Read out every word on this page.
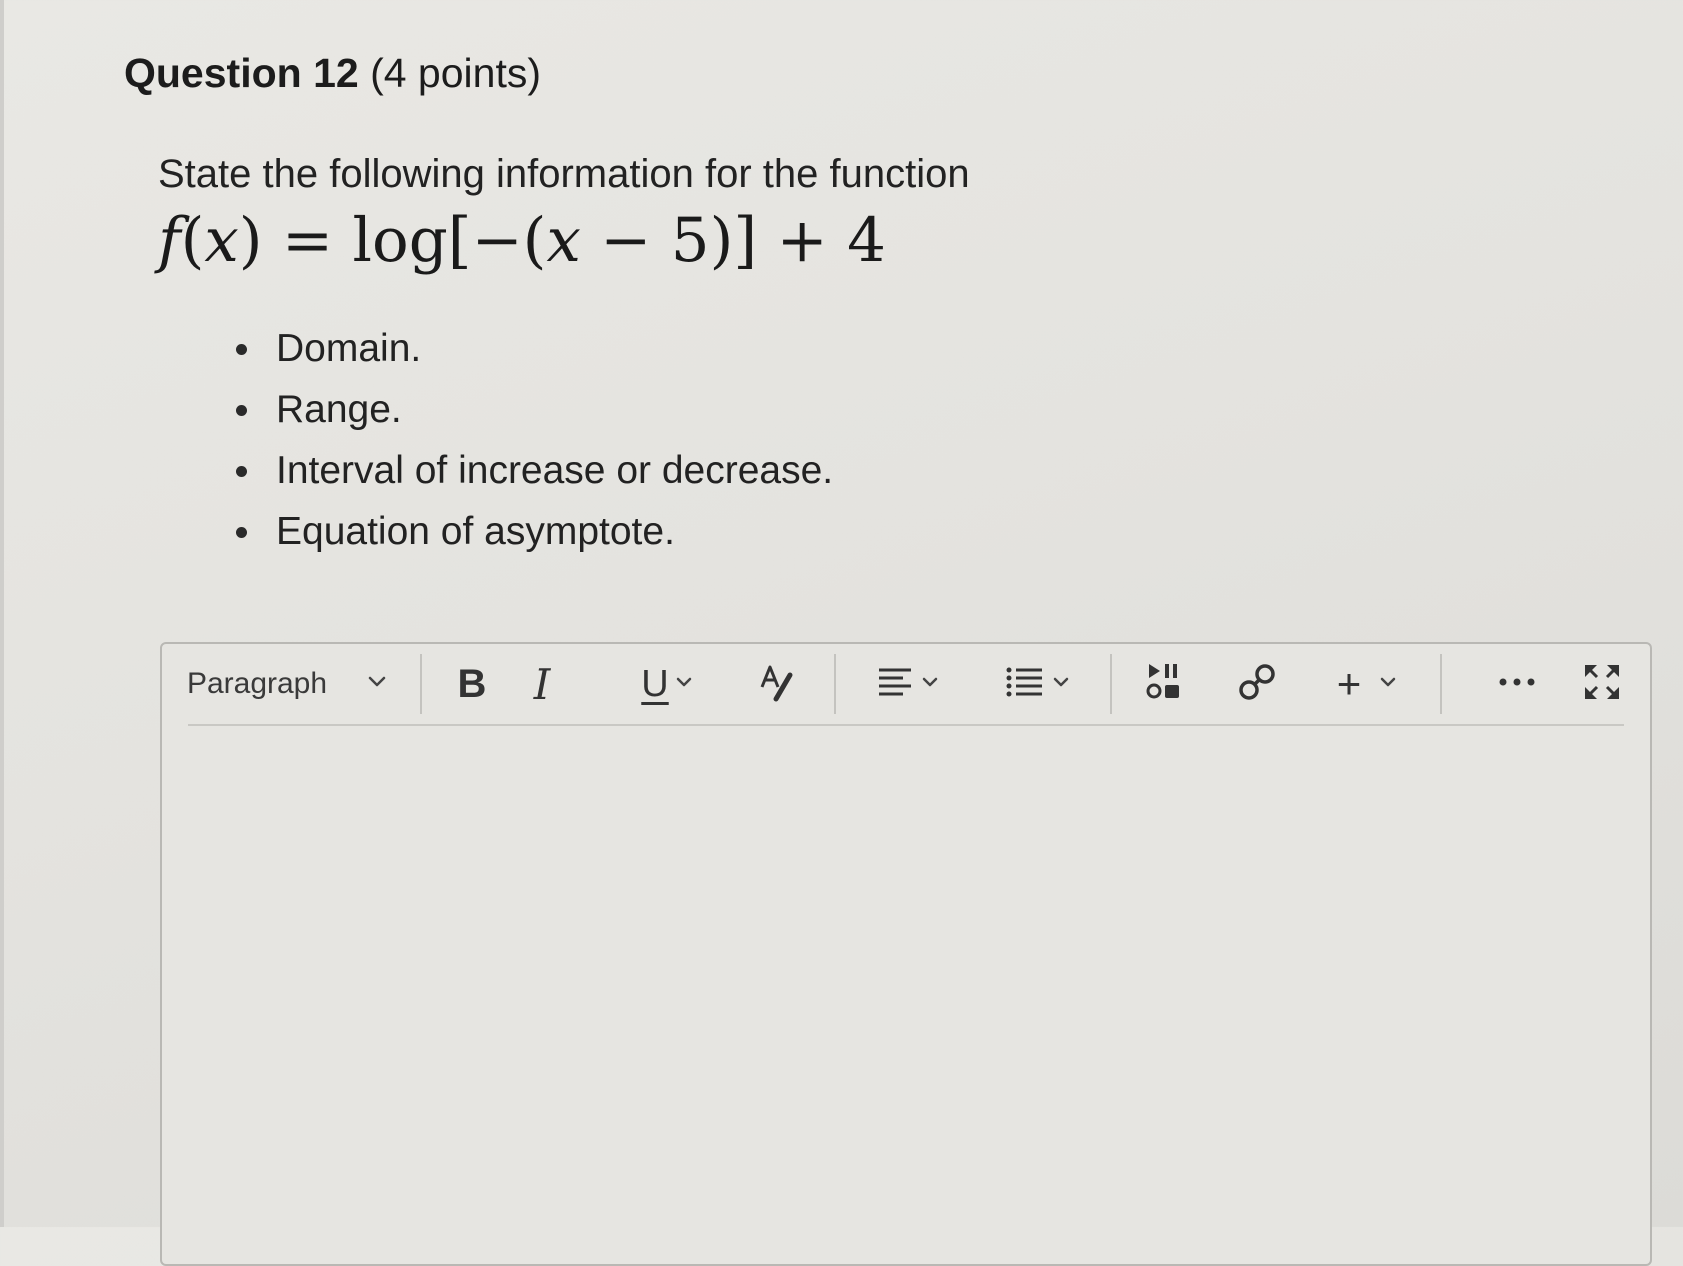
Question 12 (4 points)
State the following information for the function
f(x) = log[−(x − 5)] + 4
Domain.
Range.
Interval of increase or decrease.
Equation of asymptote.
Paragraph	B I U	+
